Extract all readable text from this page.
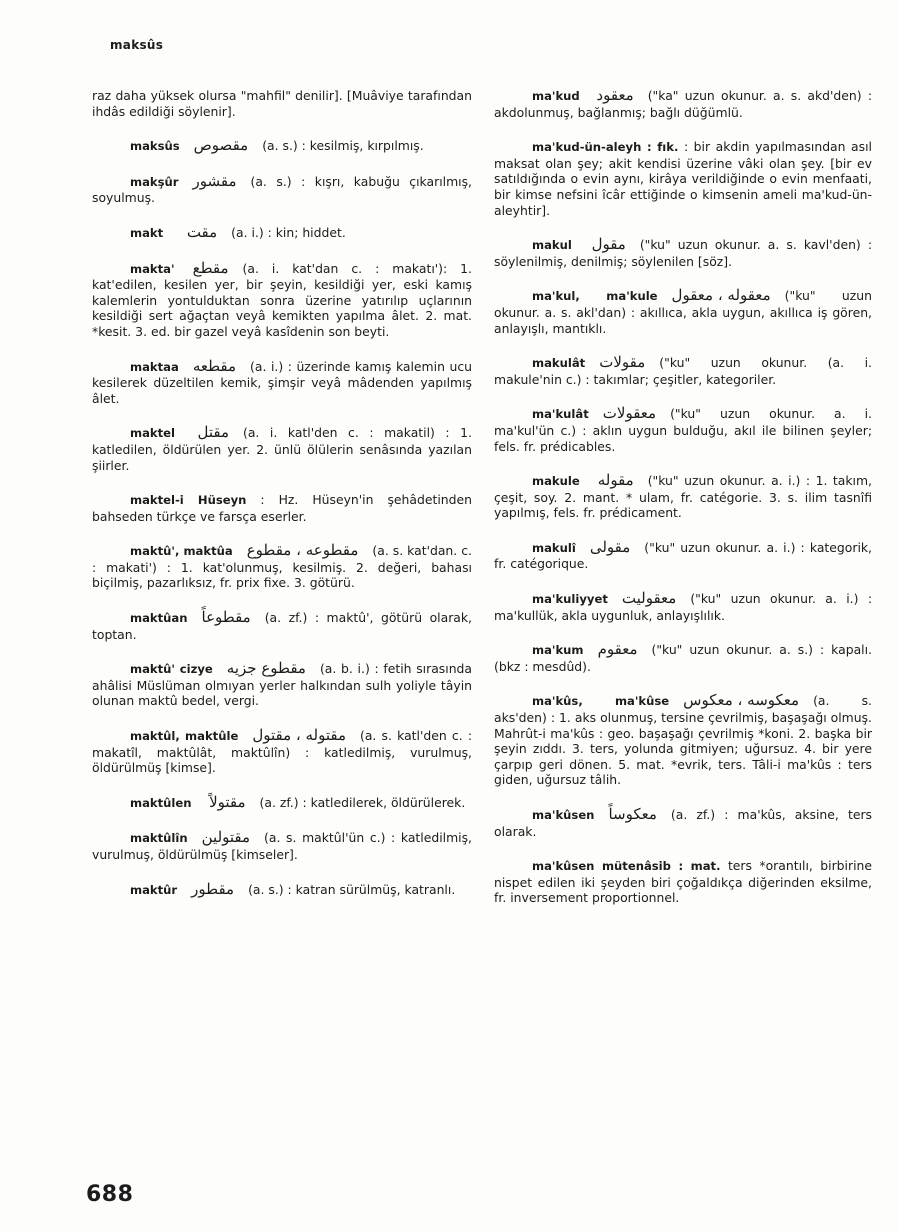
maksûs
raz daha yüksek olursa "mahfil" denilir]. [Muâviye tarafından ihdâs edildiği söylenir].
maksûs مقصوص (a. s.) : kesilmiş, kırpılmış.
makşûr مقشور (a. s.) : kışrı, kabuğu çıkarılmış, soyulmuş.
makt مقت (a. i.) : kin; hiddet.
makta' مقطع (a. i. kat'dan c. : makatı'): 1. kat'edilen, kesilen yer, bir şeyin, kesildiği yer, eski kamış kalemlerin yontulduktan sonra üzerine yatırılıp uçlarının kesildiği sert ağaçtan veyâ kemikten yapılma âlet. 2. mat. *kesit. 3. ed. bir gazel veyâ kasîdenin son beyti.
maktaa مقطعه (a. i.) : üzerinde kamış kalemin ucu kesilerek düzeltilen kemik, şimşir veyâ mâdenden yapılmış âlet.
maktel مقتل (a. i. katl'den c. : makatil) : 1. katledilen, öldürülen yer. 2. ünlü ölülerin senâsında yazılan şiirler.
maktel-i Hüseyn : Hz. Hüseyn'in şehâdetinden bahseden türkçe ve farsça eserler.
maktû', maktûa مقطوعه ، مقطوع (a. s. kat'dan. c. : makati') : 1. kat'olunmuş, kesilmiş. 2. değeri, bahası biçilmiş, pazarlıksız, fr. prix fixe. 3. götürü.
maktûan مقطوعاً (a. zf.) : maktû', götürü olarak, toptan.
maktû' cizye مقطوع جزيه (a. b. i.) : fetih sırasında ahâlisi Müslüman olmıyan yerler halkından sulh yoliyle tâyin olunan maktû bedel, vergi.
maktûl, maktûle مقتوله ، مقتول (a. s. katl'den c. : makatîl, maktûlât, maktûlîn) : katledilmiş, vurulmuş, öldürülmüş [kimse].
maktûlen مقتولاً (a. zf.) : katledilerek, öldürülerek.
maktûlîn مقتولين (a. s. maktûl'ün c.) : katledilmiş, vurulmuş, öldürülmüş [kimseler].
maktûr مقطور (a. s.) : katran sürülmüş, katranlı.
ma'kud معقود ("ka" uzun okunur. a. s. akd'den) : akdolunmuş, bağlanmış; bağlı düğümlü.
ma'kud-ün-aleyh : fık. : bir akdin yapılmasından asıl maksat olan şey; akit kendisi üzerine vâki olan şey. [bir ev satıldığında o evin aynı, kirâya verildiğinde o evin menfaati, bir kimse nefsini îcâr ettiğinde o kimsenin ameli ma'kud-ün-aleyhtir].
makul مقول ("ku" uzun okunur. a. s. kavl'den) : söylenilmiş, denilmiş; söylenilen [söz].
ma'kul, ma'kule معقوله ، معقول ("ku" uzun okunur. a. s. akl'dan) : akıllıca, akla uygun, akıllıca iş gören, anlayışlı, mantıklı.
makulât مقولات ("ku" uzun okunur. (a. i. makule'nin c.) : takımlar; çeşitler, kategoriler.
ma'kulât معقولات ("ku" uzun okunur. a. i. ma'kul'ün c.) : aklın uygun bulduğu, akıl ile bilinen şeyler; fels. fr. prédicables.
makule مقوله ("ku" uzun okunur. a. i.) : 1. takım, çeşit, soy. 2. mant. * ulam, fr. catégorie. 3. s. ilim tasnîfi yapılmış, fels. fr. prédicament.
makulî مقولى ("ku" uzun okunur. a. i.) : kategorik, fr. catégorique.
ma'kuliyyet معقوليت ("ku" uzun okunur. a. i.) : ma'kullük, akla uygunluk, anlayışlılık.
ma'kum معقوم ("ku" uzun okunur. a. s.) : kapalı. (bkz : mesdûd).
ma'kûs, ma'kûse معكوسه ، معكوس (a. s. aks'den) : 1. aks olunmuş, tersine çevrilmiş, başaşağı olmuş. Mahrût-i ma'kûs : geo. başaşağı çevrilmiş *koni. 2. başka bir şeyin zıddı. 3. ters, yolunda gitmiyen; uğursuz. 4. bir yere çarpıp geri dönen. 5. mat. *evrik, ters. Tâli-i ma'kûs : ters giden, uğursuz tâlih.
ma'kûsen معكوساً (a. zf.) : ma'kûs, aksine, ters olarak.
ma'kûsen mütenâsib : mat. ters *orantılı, birbirine nispet edilen iki şeyden biri çoğaldıkça diğerinden eksilme, fr. inversement proportionnel.
688
